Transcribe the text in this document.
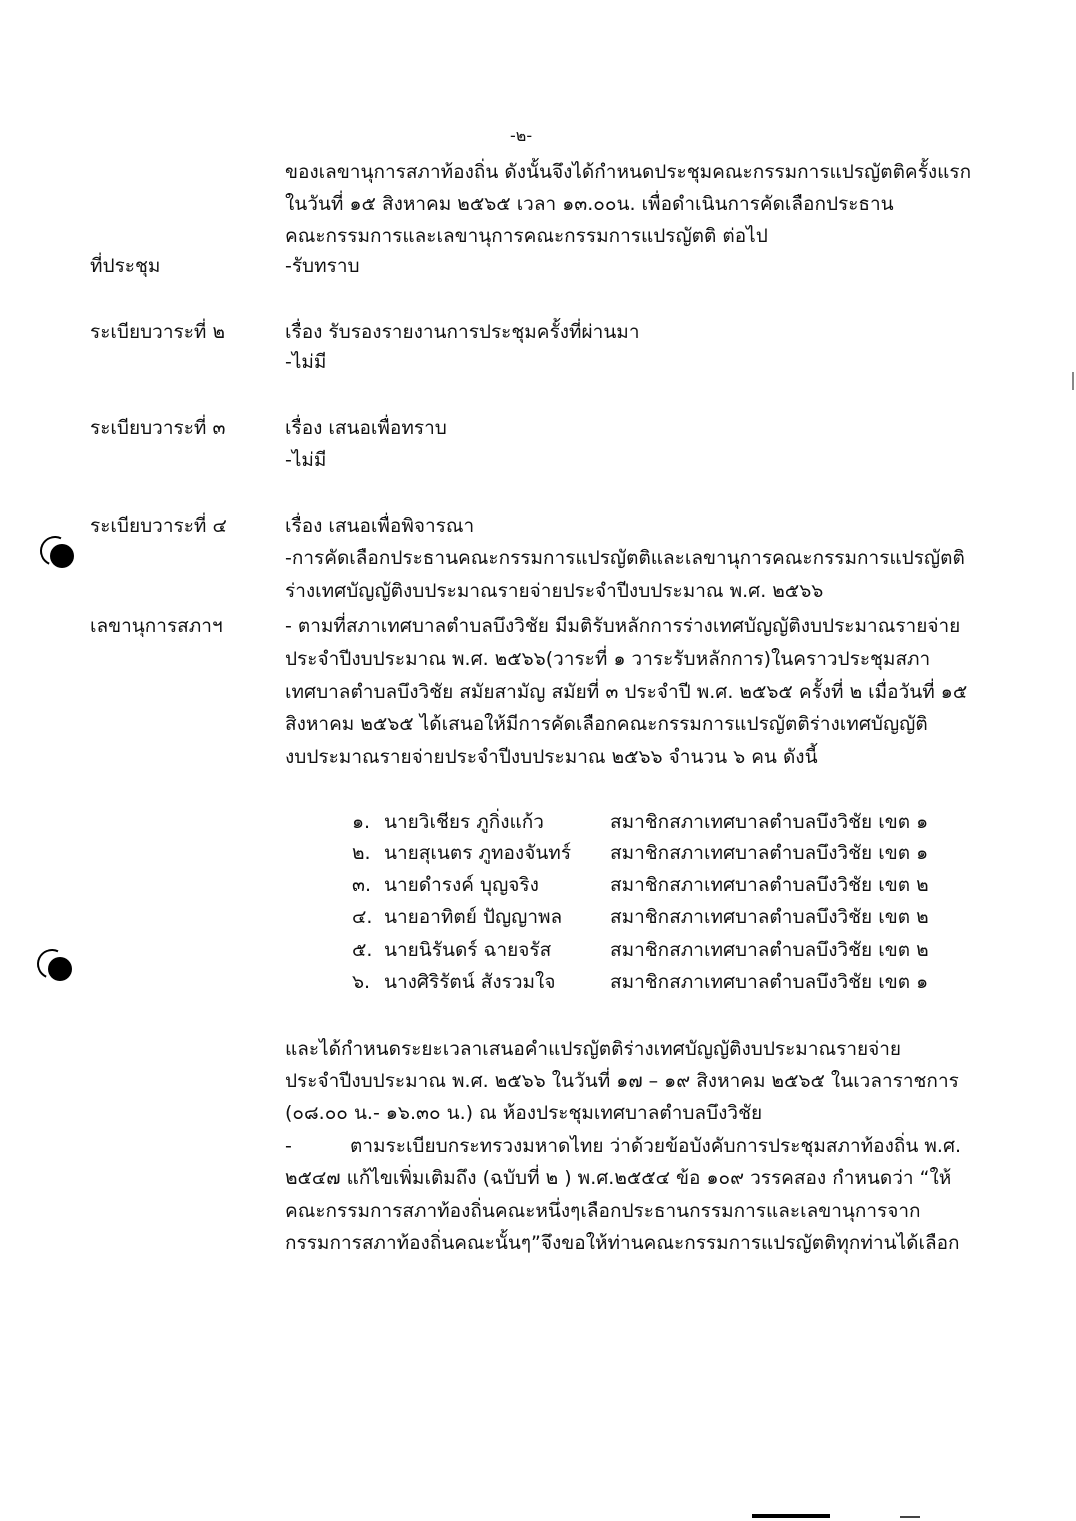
-๒-
ของเลขานุการสภาท้องถิ่น ดังนั้นจึงได้กำหนดประชุมคณะกรรมการแปรญัตติครั้งแรก
ในวันที่ ๑๕ สิงหาคม ๒๕๖๕ เวลา ๑๓.๐๐น. เพื่อดำเนินการคัดเลือกประธาน
คณะกรรมการและเลขานุการคณะกรรมการแปรญัตติ ต่อไป
ที่ประชุม	-รับทราบ
ระเบียบวาระที่ ๒	เรื่อง รับรองรายงานการประชุมครั้งที่ผ่านมา
-ไม่มี
ระเบียบวาระที่ ๓	เรื่อง เสนอเพื่อทราบ
-ไม่มี
ระเบียบวาระที่ ๔	เรื่อง เสนอเพื่อพิจารณา
-การคัดเลือกประธานคณะกรรมการแปรญัตติและเลขานุการคณะกรรมการแปรญัตติ
ร่างเทศบัญญัติงบประมาณรายจ่ายประจำปีงบประมาณ พ.ศ. ๒๕๖๖
เลขานุการสภาฯ	- ตามที่สภาเทศบาลตำบลบึงวิชัย มีมติรับหลักการร่างเทศบัญญัติงบประมาณรายจ่าย
ประจำปีงบประมาณ พ.ศ. ๒๕๖๖(วาระที่ ๑ วาระรับหลักการ)ในคราวประชุมสภา
เทศบาลตำบลบึงวิชัย สมัยสามัญ สมัยที่ ๓ ประจำปี พ.ศ. ๒๕๖๕ ครั้งที่ ๒ เมื่อวันที่ ๑๕
สิงหาคม ๒๕๖๕ ได้เสนอให้มีการคัดเลือกคณะกรรมการแปรญัตติร่างเทศบัญญัติ
งบประมาณรายจ่ายประจำปีงบประมาณ ๒๕๖๖ จำนวน ๖ คน ดังนี้
๑. นายวิเชียร ภูกิ่งแก้ว	สมาชิกสภาเทศบาลตำบลบึงวิชัย เขต ๑
๒. นายสุเนตร ภูทองจันทร์ สมาชิกสภาเทศบาลตำบลบึงวิชัย เขต ๑
๓. นายดำรงค์ บุญจริง	สมาชิกสภาเทศบาลตำบลบึงวิชัย เขต ๒
๔. นายอาทิตย์ ปัญญาพล	สมาชิกสภาเทศบาลตำบลบึงวิชัย เขต ๒
๕. นายนิรันดร์ ฉายจรัส	สมาชิกสภาเทศบาลตำบลบึงวิชัย เขต ๒
๖. นางศิริรัตน์ สังรวมใจ	สมาชิกสภาเทศบาลตำบลบึงวิชัย เขต ๑
และได้กำหนดระยะเวลาเสนอคำแปรญัตติร่างเทศบัญญัติงบประมาณรายจ่าย
ประจำปีงบประมาณ พ.ศ. ๒๕๖๖ ในวันที่ ๑๗ – ๑๙ สิงหาคม ๒๕๖๕ ในเวลาราชการ
(๐๘.๐๐ น.- ๑๖.๓๐ น.) ณ ห้องประชุมเทศบาลตำบลบึงวิชัย
-	ตามระเบียบกระทรวงมหาดไทย ว่าด้วยข้อบังคับการประชุมสภาท้องถิ่น พ.ศ.
๒๕๔๗ แก้ไขเพิ่มเติมถึง (ฉบับที่ ๒ ) พ.ศ.๒๕๕๔ ข้อ ๑๐๙ วรรคสอง กำหนดว่า “ให้
คณะกรรมการสภาท้องถิ่นคณะหนึ่งๆเลือกประธานกรรมการและเลขานุการจาก
กรรมการสภาท้องถิ่นคณะนั้นๆ”จึงขอให้ท่านคณะกรรมการแปรญัตติทุกท่านได้เลือก
